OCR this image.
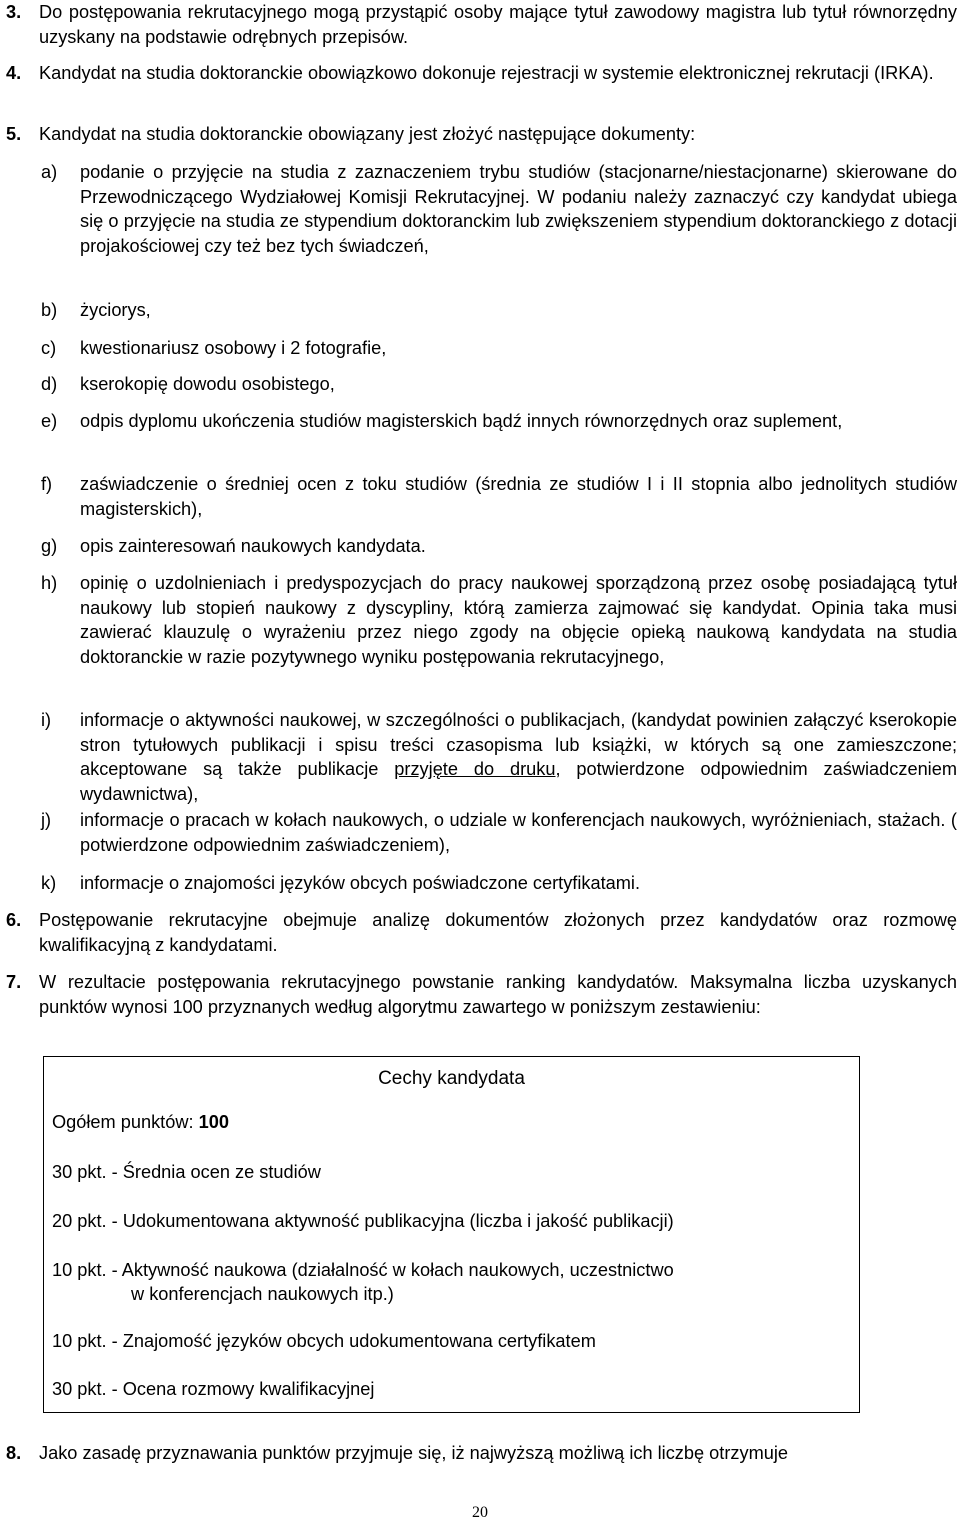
3. Do postępowania rekrutacyjnego mogą przystąpić osoby mające tytuł zawodowy magistra lub tytuł równorzędny uzyskany na podstawie odrębnych przepisów.
4. Kandydat na studia doktoranckie obowiązkowo dokonuje rejestracji w systemie elektronicznej rekrutacji (IRKA).
5. Kandydat na studia doktoranckie obowiązany jest złożyć następujące dokumenty:
a) podanie o przyjęcie na studia z zaznaczeniem trybu studiów (stacjonarne/niestacjonarne) skierowane do Przewodniczącego Wydziałowej Komisji Rekrutacyjnej. W podaniu należy zaznaczyć czy kandydat ubiega się o przyjęcie na studia ze stypendium doktoranckim lub zwiększeniem stypendium doktoranckiego z dotacji projakościowej czy też bez tych świadczeń,
b) życiorys,
c) kwestionariusz osobowy i 2 fotografie,
d) kserokopię dowodu osobistego,
e) odpis dyplomu ukończenia studiów magisterskich bądź innych równorzędnych oraz suplement,
f) zaświadczenie o średniej ocen z toku studiów (średnia ze studiów I i II stopnia albo jednolitych studiów magisterskich),
g) opis zainteresowań naukowych kandydata.
h) opinię o uzdolnieniach i predyspozycjach do pracy naukowej sporządzoną przez osobę posiadającą tytuł naukowy lub stopień naukowy z dyscypliny, którą zamierza zajmować się kandydat. Opinia taka musi zawierać klauzulę o wyrażeniu przez niego zgody na objęcie opieką naukową kandydata na studia doktoranckie w razie pozytywnego wyniku postępowania rekrutacyjnego,
i) informacje o aktywności naukowej, w szczególności o publikacjach, (kandydat powinien załączyć kserokopie stron tytułowych publikacji i spisu treści czasopisma lub książki, w których są one zamieszczone; akceptowane są także publikacje przyjęte do druku, potwierdzone odpowiednim zaświadczeniem wydawnictwa),
j) informacje o pracach w kołach naukowych, o udziale w konferencjach naukowych, wyróżnieniach, stażach. ( potwierdzone odpowiednim zaświadczeniem),
k) informacje o znajomości języków obcych poświadczone certyfikatami.
6. Postępowanie rekrutacyjne obejmuje analizę dokumentów złożonych przez kandydatów oraz rozmowę kwalifikacyjną z kandydatami.
7. W rezultacie postępowania rekrutacyjnego powstanie ranking kandydatów. Maksymalna liczba uzyskanych punktów wynosi 100 przyznanych według algorytmu zawartego w poniższym zestawieniu:
Cechy kandydata
Ogółem punktów: 100
30 pkt. - Średnia ocen ze studiów
20 pkt. - Udokumentowana aktywność publikacyjna (liczba i jakość publikacji)
10 pkt. - Aktywność naukowa (działalność w kołach naukowych, uczestnictwo
w konferencjach naukowych itp.)
10 pkt. - Znajomość języków obcych udokumentowana certyfikatem
30 pkt. - Ocena rozmowy kwalifikacyjnej
8. Jako zasadę przyznawania punktów przyjmuje się, iż najwyższą możliwą ich liczbę otrzymuje
20
